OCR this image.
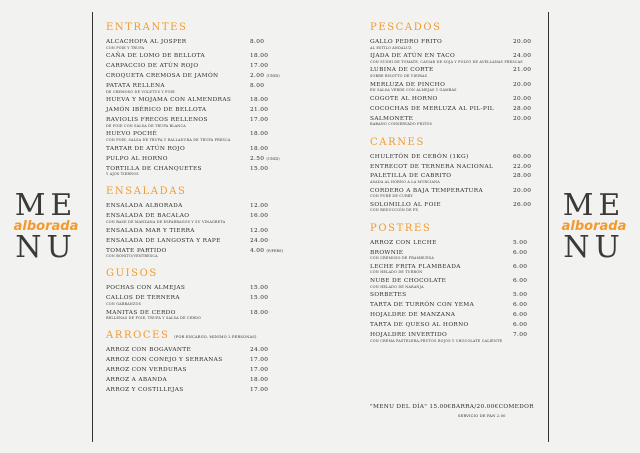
ME
alborada
NU
ME
alborada
NU
ENTRANTES
ALCACHOFA AL JOSPER	8.00
CON FOIE Y TRUFA
CAÑA DE LOMO DE BELLOTA	18.00
CARPACCIO DE ATÚN ROJO	17.00
CROQUETA CREMOSA DE JAMÓN	2.00 (UNID)
PATATA RELLENA	8.00
DE CREMOSO DE VOLETUS Y FOIE
HUEVA Y MOJAMA CON ALMENDRAS	18.00
JAMÓN IBÉRICO DE BELLOTA	21.00
RAVIOLIS FRECOS RELLENOS	17.00
DE FOIE CON SALSA DE TRUFA BLANCA
HUEVO POCHÉ	18.00
CON FOIE, SALSA DE TRUFA Y RALLADURA DE TRUFA FRESCA
TARTAR DE ATÚN ROJO	18.00
PULPO AL HORNO	2.50 (UNID)
TORTILLA DE CHANQUETES	15.00
Y AJOS TIERNOS
ENSALADAS
ENSALADA ALBORADA	12.00
ENSALADA DE BACALAO	16.00
CON BASE DE MANZANA DE ESPÁRRAGOS Y SU VINAGRETA
ENSALADA MAR Y TIERRA	12.00
ENSALADA DE LANGOSTA Y RAPE	24.00
TOMATE PARTIDO	4.00 (P/PERS)
CON BONITO/VENTRESCA
GUISOS
POCHAS CON ALMEJAS	15.00
CALLOS DE TERNERA	15.00
CON GARBANZOS
MANITAS DE CERDO	18.00
RELLENAS DE FOIE, TRUFA Y SALSA DE CERDO
ARROCES (POR ENCARGO, MINIMO 2 PERSONAS)
ARROZ CON BOGAVANTE	24.00
ARROZ CON CONEJO Y SERRANAS	17.00
ARROZ CON VERDURAS	17.00
ARROZ A ABANDA	18.00
ARROZ Y COSTILLEJAS	17.00
PESCADOS
GALLO PEDRO FRITO	20.00
AL ESTILO ANDALUZ
IJADA DE ATÚN EN TACO	24.00
CON SUSHI DE TOMATE, CAVIAR DE SOJA Y POLVO DE AVELLANAS FRESCAS
LUBINA DE CORTE	21.00
SOBRE RISOTTO DE VIEIRAS
MERLUZA DE PINCHO	20.00
EN SALSA VERDE CON ALMEJAS Y GAMBAS
COGOTE AL HORNO	20.00
COCOCHAS DE MERLUZA AL PIL-PIL	28.00
SALMONETE	20.00
RABANO CONSERVADO FRITOS
CARNES
CHULETÓN DE CEBÓN (1KG)	60.00
ENTRECOT DE TERNERA NACIONAL	22.00
PALETILLA DE CABRITO	28.00
ASADA AL HORNO A LA MURCIANA
CORDERO A BAJA TEMPERATURA	20.00
CON PURÉ DE CURRY
SOLOMILLO AL FOIE	26.00
CON REDUCCIÓN DE PX
POSTRES
ARROZ CON LECHE	5.00
BROWNIE	6.00
CON CREMOSO DE FRAMBUESA
LECHE FRITA FLAMBEADA	6.00
CON HELADO DE TURRÓN
NUBE DE CHOCOLATE	6.00
CON HELADO DE NARANJA
SORBETES	5.00
TARTA DE TURRÓN CON YEMA	6.00
HOJALDRE DE MANZANA	6.00
TARTA DE QUESO AL HORNO	6.00
HOJALDRE INVERTIDO	7.00
CON CREMA PASTELERA,FRUTOS ROJOS Y CHOCOLATE CALIENTE
"MENU DEL DÍA" 15.00€BARRA/20.00€COMEDOR
SERVICIO DE PAN 2.00
